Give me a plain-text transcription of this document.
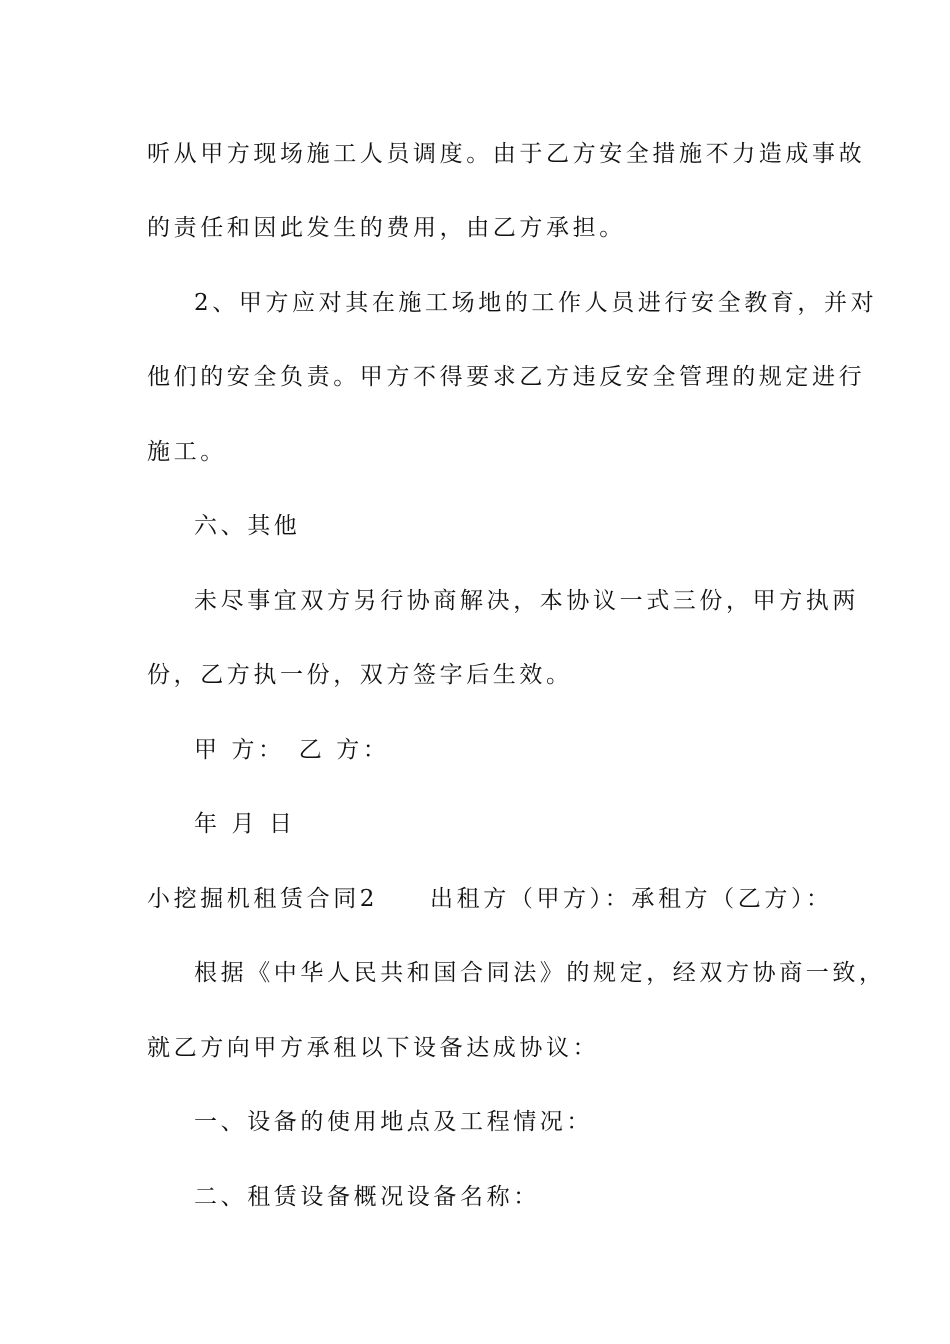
听从甲方现场施工人员调度。由于乙方安全措施不力造成事故
的责任和因此发生的费用，由乙方承担。
2、甲方应对其在施工场地的工作人员进行安全教育，并对
他们的安全负责。甲方不得要求乙方违反安全管理的规定进行
施工。
六、其他
未尽事宜双方另行协商解决，本协议一式三份，甲方执两
份，乙方执一份，双方签字后生效。
甲 方： 乙 方：
年 月 日
小挖掘机租赁合同2 出租方（甲方）：承租方（乙方）：
根据《中华人民共和国合同法》的规定，经双方协商一致，
就乙方向甲方承租以下设备达成协议：
一、设备的使用地点及工程情况：
二、租赁设备概况设备名称：
